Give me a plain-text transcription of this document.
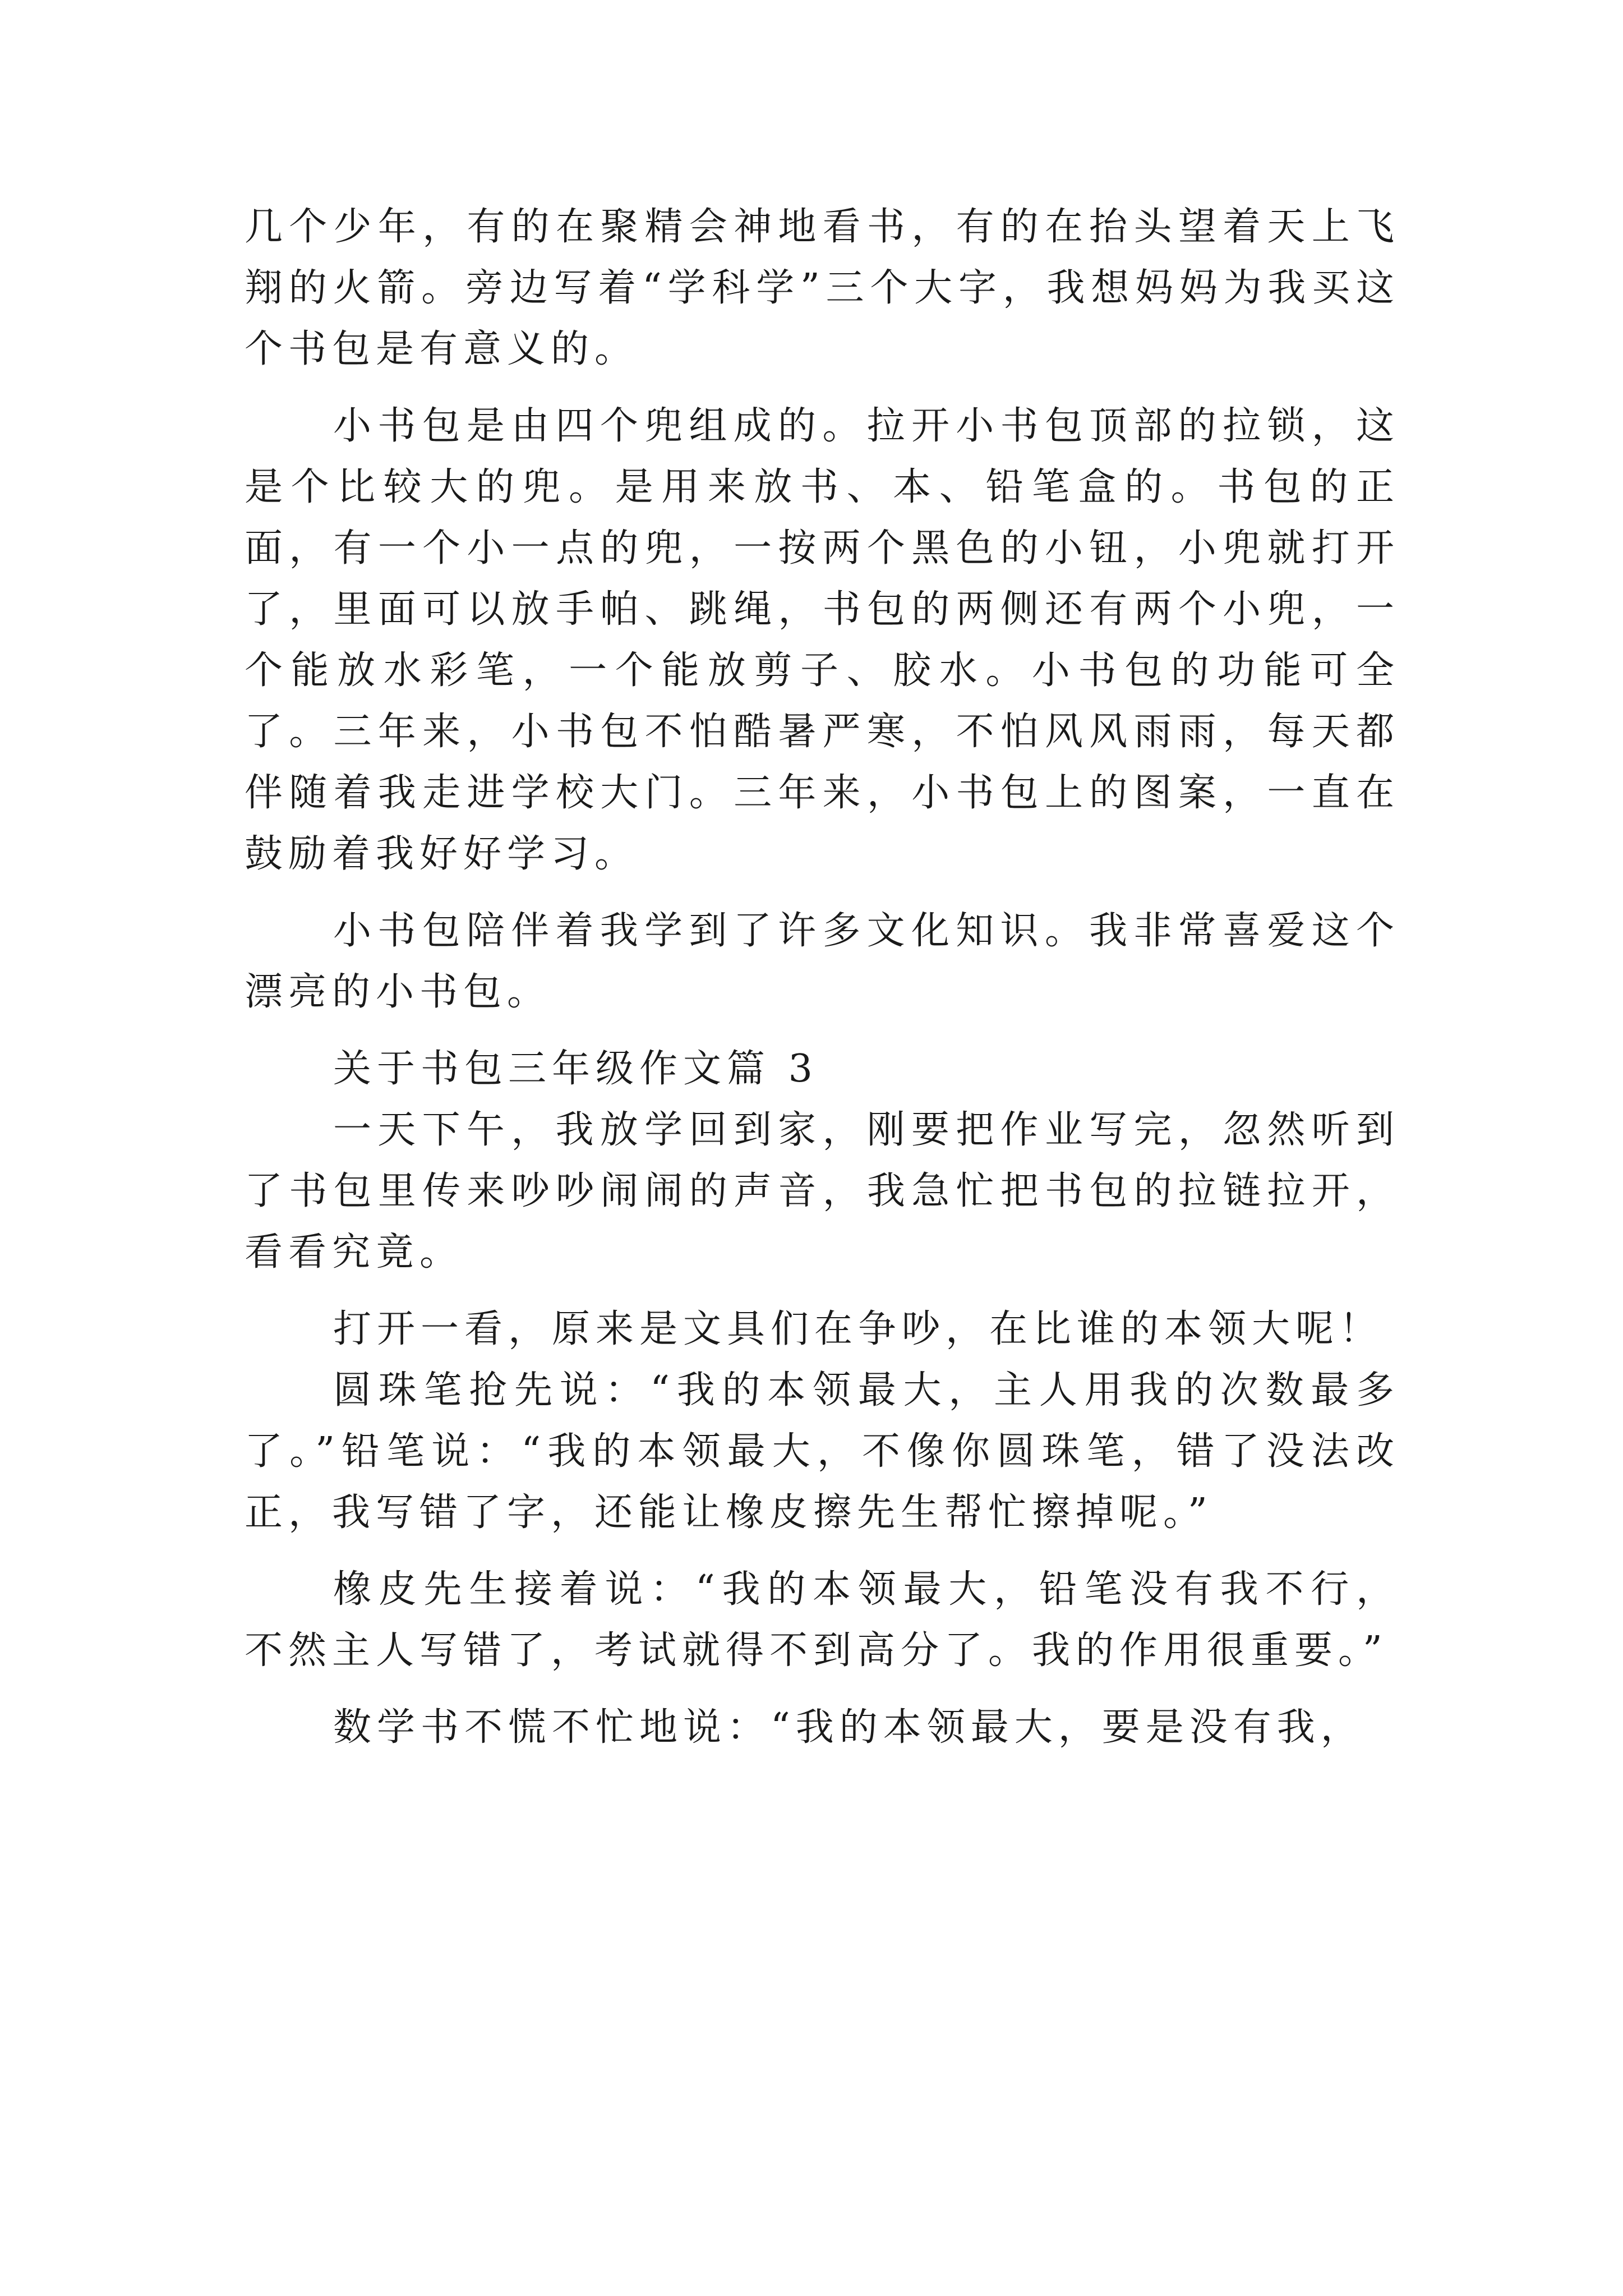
几个少年，有的在聚精会神地看书，有的在抬头望着天上飞翔的火箭。旁边写着“学科学”三个大字，我想妈妈为我买这个书包是有意义的。

小书包是由四个兜组成的。拉开小书包顶部的拉锁，这是个比较大的兜。是用来放书、本、铅笔盒的。书包的正面，有一个小一点的兜，一按两个黑色的小钮，小兜就打开了，里面可以放手帕、跳绳，书包的两侧还有两个小兜，一个能放水彩笔，一个能放剪子、胶水。小书包的功能可全了。三年来，小书包不怕酷暑严寒，不怕风风雨雨，每天都伴随着我走进学校大门。三年来，小书包上的图案，一直在鼓励着我好好学习。

小书包陪伴着我学到了许多文化知识。我非常喜爱这个漂亮的小书包。

关于书包三年级作文篇 3

一天下午，我放学回到家，刚要把作业写完，忽然听到了书包里传来吵吵闹闹的声音，我急忙把书包的拉链拉开，看看究竟。

打开一看，原来是文具们在争吵，在比谁的本领大呢！

圆珠笔抢先说：“我的本领最大，主人用我的次数最多了。”铅笔说：“我的本领最大，不像你圆珠笔，错了没法改正，我写错了字，还能让橡皮擦先生帮忙擦掉呢。”

橡皮先生接着说：“我的本领最大，铅笔没有我不行，不然主人写错了，考试就得不到高分了。我的作用很重要。”

数学书不慌不忙地说：“我的本领最大，要是没有我，
